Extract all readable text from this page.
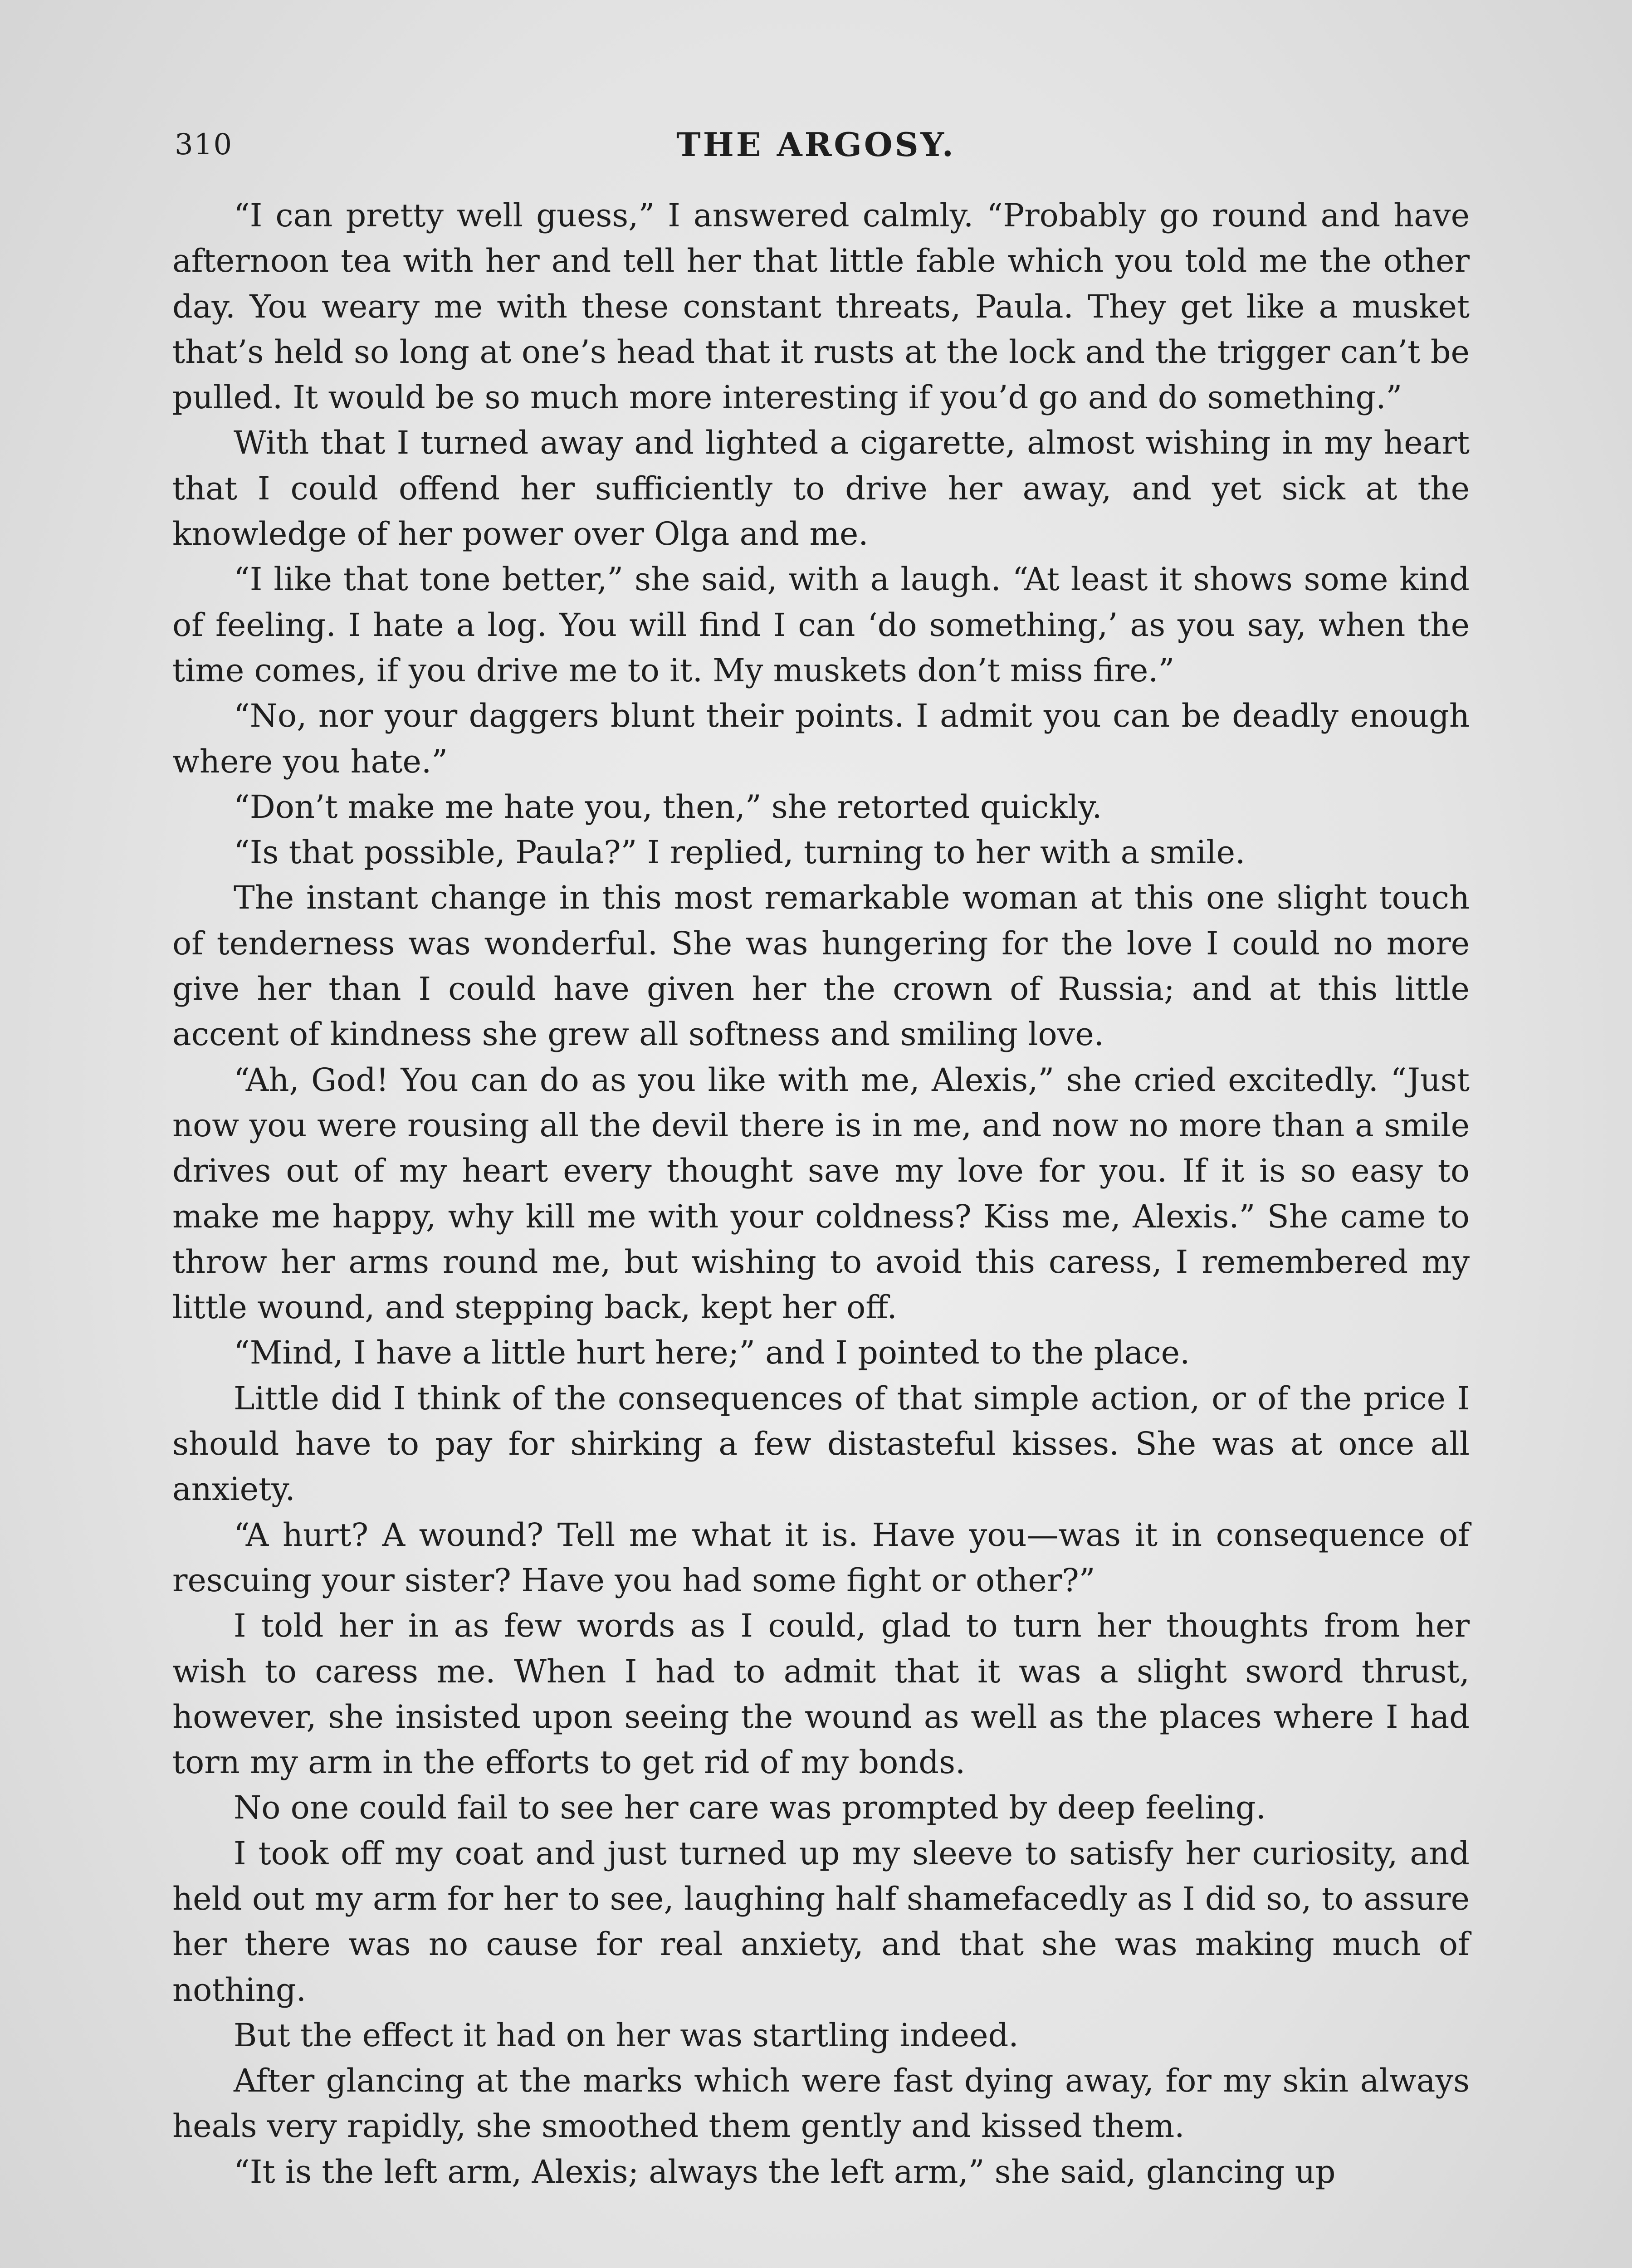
310	THE ARGOSY.

“I can pretty well guess,” I answered calmly. “Probably go round and have afternoon tea with her and tell her that little fable which you told me the other day. You weary me with these constant threats, Paula. They get like a musket that’s held so long at one’s head that it rusts at the lock and the trigger can’t be pulled. It would be so much more interesting if you’d go and do something.”

With that I turned away and lighted a cigarette, almost wishing in my heart that I could offend her sufficiently to drive her away, and yet sick at the knowledge of her power over Olga and me.

“I like that tone better,” she said, with a laugh. “At least it shows some kind of feeling. I hate a log. You will find I can ‘do something,’ as you say, when the time comes, if you drive me to it. My muskets don’t miss fire.”

“No, nor your daggers blunt their points. I admit you can be deadly enough where you hate.”

“Don’t make me hate you, then,” she retorted quickly.

“Is that possible, Paula?” I replied, turning to her with a smile.

The instant change in this most remarkable woman at this one slight touch of tenderness was wonderful. She was hungering for the love I could no more give her than I could have given her the crown of Russia; and at this little accent of kindness she grew all softness and smiling love.

“Ah, God! You can do as you like with me, Alexis,” she cried excitedly. “Just now you were rousing all the devil there is in me, and now no more than a smile drives out of my heart every thought save my love for you. If it is so easy to make me happy, why kill me with your coldness? Kiss me, Alexis.” She came to throw her arms round me, but wishing to avoid this caress, I remembered my little wound, and stepping back, kept her off.

“Mind, I have a little hurt here;” and I pointed to the place.

Little did I think of the consequences of that simple action, or of the price I should have to pay for shirking a few distasteful kisses. She was at once all anxiety.

“A hurt? A wound? Tell me what it is. Have you—was it in consequence of rescuing your sister? Have you had some fight or other?”

I told her in as few words as I could, glad to turn her thoughts from her wish to caress me. When I had to admit that it was a slight sword thrust, however, she insisted upon seeing the wound as well as the places where I had torn my arm in the efforts to get rid of my bonds.

No one could fail to see her care was prompted by deep feeling.

I took off my coat and just turned up my sleeve to satisfy her curiosity, and held out my arm for her to see, laughing half shamefacedly as I did so, to assure her there was no cause for real anxiety, and that she was making much of nothing.

But the effect it had on her was startling indeed.

After glancing at the marks which were fast dying away, for my skin always heals very rapidly, she smoothed them gently and kissed them.

“It is the left arm, Alexis; always the left arm,” she said, glancing up
